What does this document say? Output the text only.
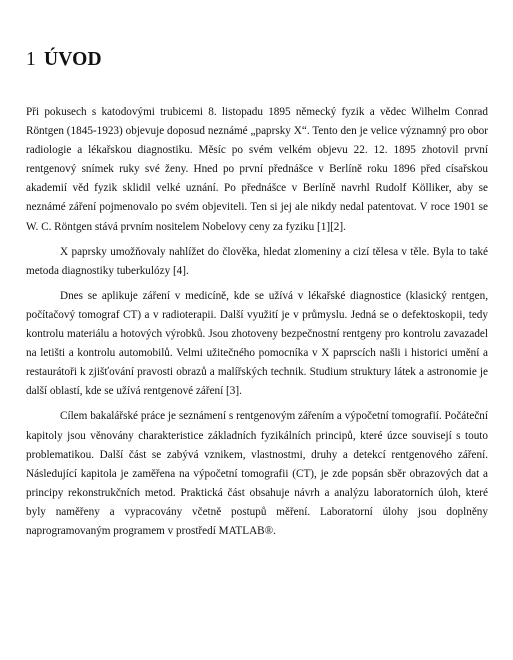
1 ÚVOD

Při pokusech s katodovými trubicemi 8. listopadu 1895 německý fyzik a vědec Wilhelm Conrad Röntgen (1845-1923) objevuje doposud neznámé „paprsky X“. Tento den je velice významný pro obor radiologie a lékařskou diagnostiku. Měsíc po svém velkém objevu 22. 12. 1895 zhotovil první rentgenový snímek ruky své ženy. Hned po první přednášce v Berlíně roku 1896 před císařskou akademií věd fyzik sklidil velké uznání. Po přednášce v Berlíně navrhl Rudolf Kölliker, aby se neznámé záření pojmenovalo po svém objeviteli. Ten si jej ale nikdy nedal patentovat. V roce 1901 se W. C. Röntgen stává prvním nositelem Nobelovy ceny za fyziku [1][2].

X paprsky umožňovaly nahlížet do člověka, hledat zlomeniny a cizí tělesa v těle. Byla to také metoda diagnostiky tuberkulózy [4].

Dnes se aplikuje záření v medicíně, kde se užívá v lékařské diagnostice (klasický rentgen, počítačový tomograf CT) a v radioterapii. Další využití je v průmyslu. Jedná se o defektoskopii, tedy kontrolu materiálu a hotových výrobků. Jsou zhotoveny bezpečnostní rentgeny pro kontrolu zavazadel na letišti a kontrolu automobilů. Velmi užitečného pomocníka v X paprscích našli i historici umění a restaurátoři k zjišťování pravosti obrazů a malířských technik. Studium struktury látek a astronomie je další oblastí, kde se užívá rentgenové záření [3].

Cílem bakalářské práce je seznámení s rentgenovým zářením a výpočetní tomografií. Počáteční kapitoly jsou věnovány charakteristice základních fyzikálních principů, které úzce souvisejí s touto problematikou. Další část se zabývá vznikem, vlastnostmi, druhy a detekcí rentgenového záření. Následující kapitola je zaměřena na výpočetní tomografii (CT), je zde popsán sběr obrazových dat a principy rekonstrukčních metod. Praktická část obsahuje návrh a analýzu laboratorních úloh, které byly naměřeny a vypracovány včetně postupů měření. Laboratorní úlohy jsou doplněny naprogramovaným programem v prostředí MATLAB®.
